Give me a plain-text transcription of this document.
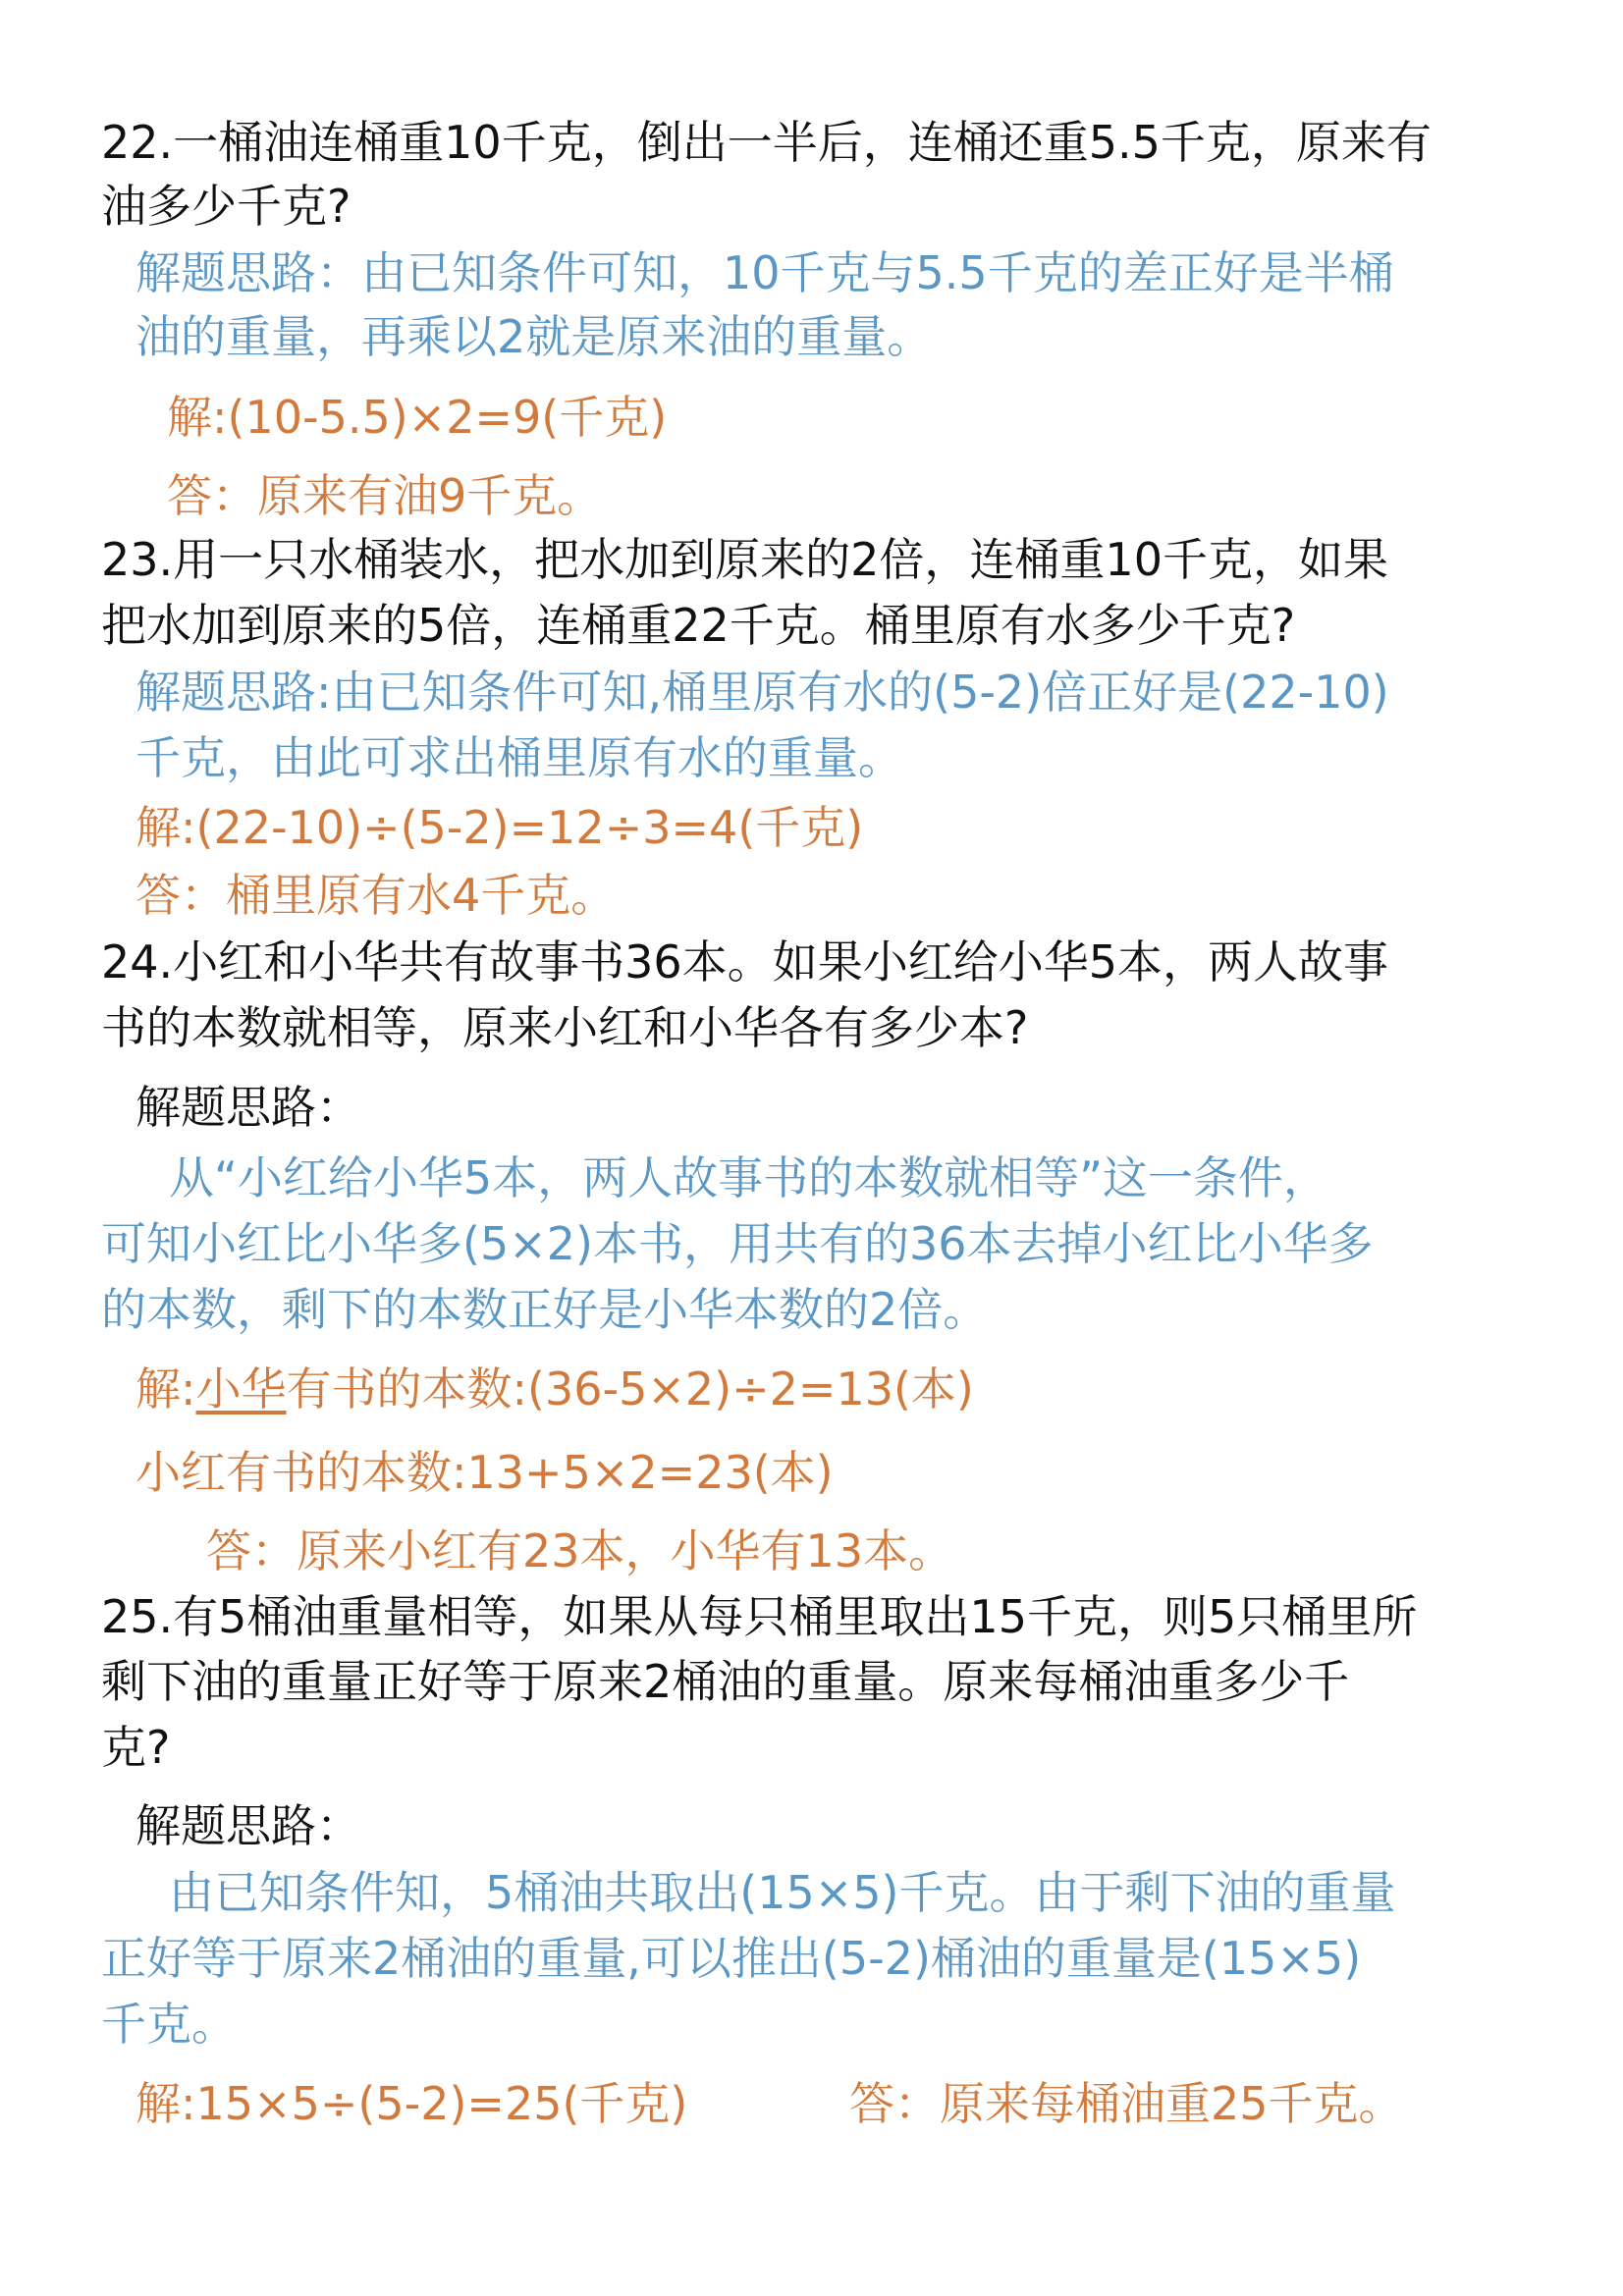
22.一桶油连桶重10千克，倒出一半后，连桶还重5.5千克，原来有
油多少千克?
解题思路：由已知条件可知，10千克与5.5千克的差正好是半桶
油的重量，再乘以2就是原来油的重量。
解:(10-5.5)×2=9(千克)
答：原来有油9千克。
23.用一只水桶装水，把水加到原来的2倍，连桶重10千克，如果
把水加到原来的5倍，连桶重22千克。桶里原有水多少千克?
解题思路:由已知条件可知,桶里原有水的(5-2)倍正好是(22-10)
千克，由此可求出桶里原有水的重量。
解:(22-10)÷(5-2)=12÷3=4(千克)
答：桶里原有水4千克。
24.小红和小华共有故事书36本。如果小红给小华5本，两人故事
书的本数就相等，原来小红和小华各有多少本?
解题思路：
从“小红给小华5本，两人故事书的本数就相等”这一条件，
可知小红比小华多(5×2)本书，用共有的36本去掉小红比小华多
的本数，剩下的本数正好是小华本数的2倍。
解:小华有书的本数:(36-5×2)÷2=13(本)
小红有书的本数:13+5×2=23(本)
答：原来小红有23本，小华有13本。
25.有5桶油重量相等，如果从每只桶里取出15千克，则5只桶里所
剩下油的重量正好等于原来2桶油的重量。原来每桶油重多少千
克?
解题思路：
由已知条件知，5桶油共取出(15×5)千克。由于剩下油的重量
正好等于原来2桶油的重量,可以推出(5-2)桶油的重量是(15×5)
千克。
解:15×5÷(5-2)=25(千克)	答：原来每桶油重25千克。
